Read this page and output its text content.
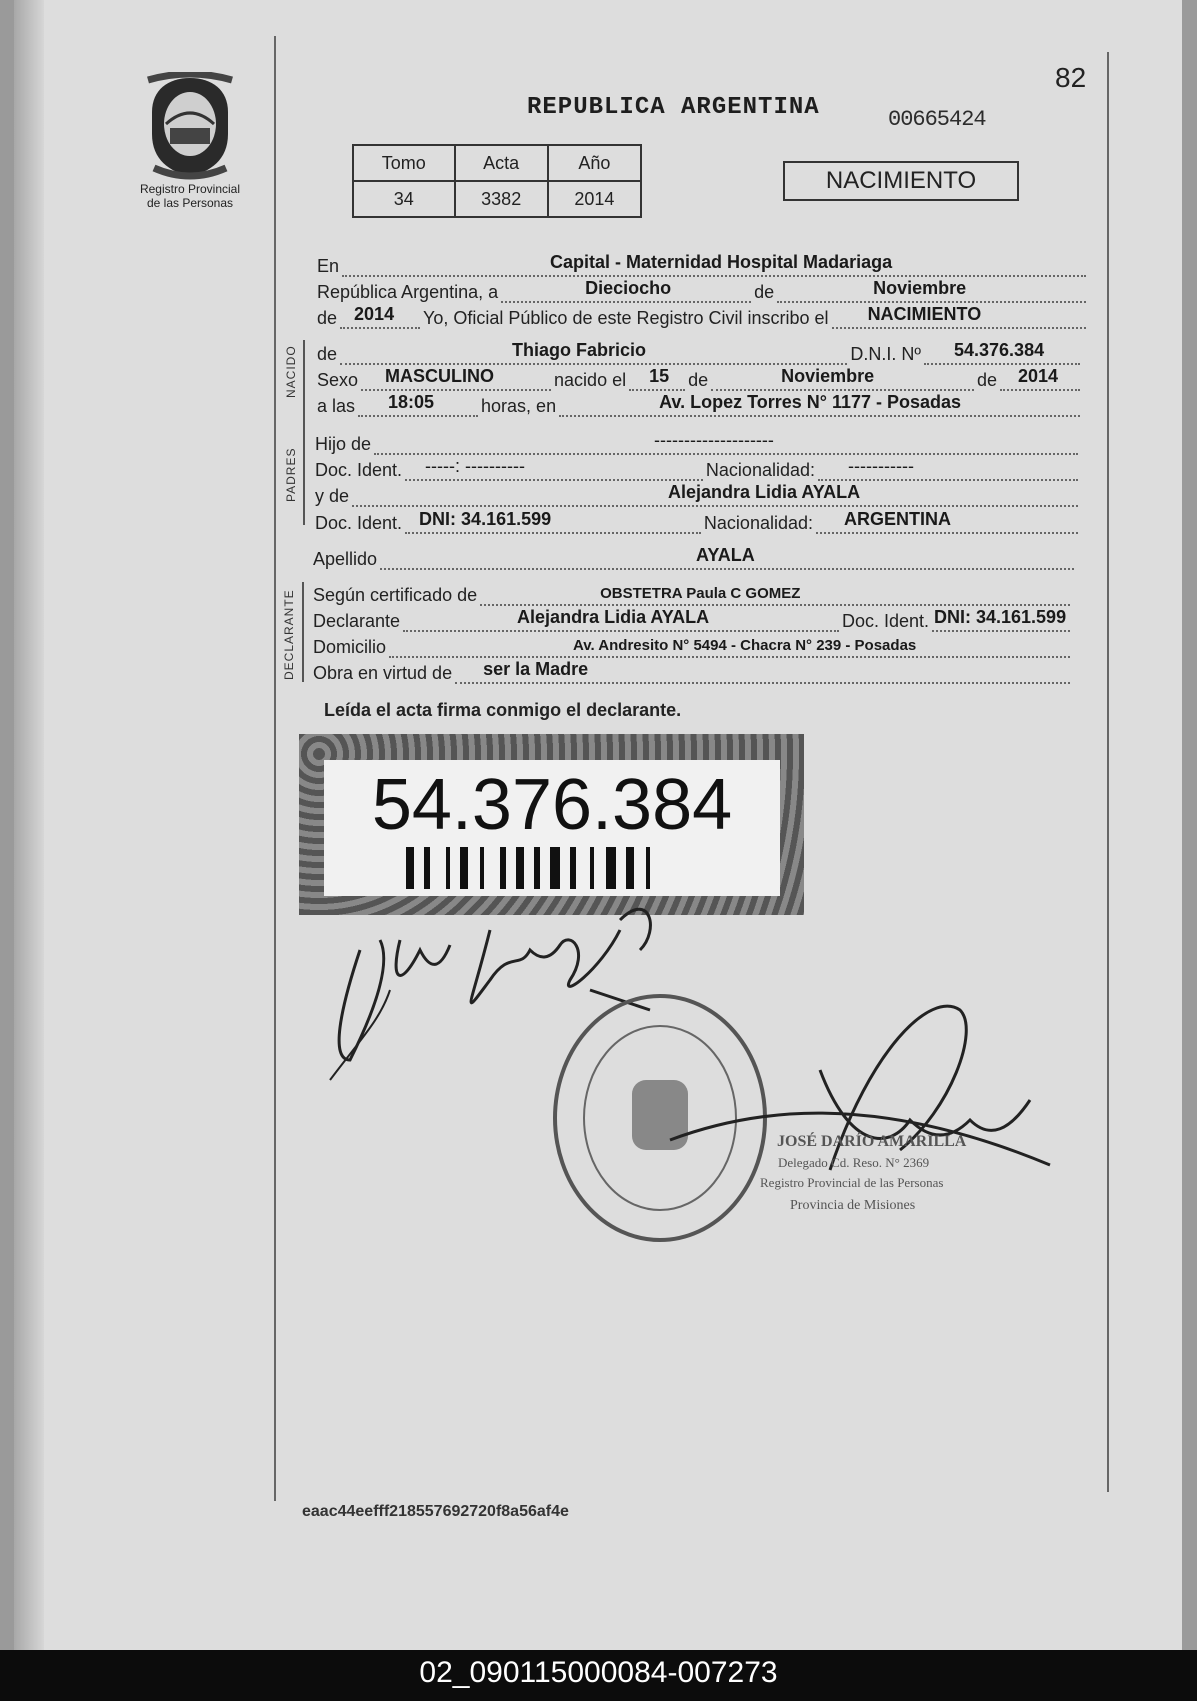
Registro Provincial
de las Personas
82
REPUBLICA ARGENTINA	00665424
Tomo	Acta	Año
34	3382	2014
NACIMIENTO
En	Capital - Maternidad Hospital Madariaga
República Argentina, a	Dieciocho	de	Noviembre
de 2014 Yo, Oficial Público de este Registro Civil inscribo el NACIMIENTO
NACIDO de	Thiago Fabricio	D.N.I. Nº 54.376.384
Sexo MASCULINO	nacido el 15 de	Noviembre	de 2014
a las 18:05	horas, en	Av. Lopez Torres N° 1177 - Posadas
PADRES
Hijo de	--------------------
Doc. Ident. -----: ----------	Nacionalidad: -----------
y de	Alejandra Lidia AYALA
Doc. Ident. DNI: 34.161.599	Nacionalidad: ARGENTINA
Apellido	AYALA
DECLARANTE Según certificado de	OBSTETRA Paula C GOMEZ
Declarante	Alejandra Lidia AYALA	Doc. Ident. DNI: 34.161.599
Domicilio	Av. Andresito N° 5494 - Chacra N° 239 - Posadas
Obra en virtud de ser la Madre
Leída el acta firma conmigo el declarante.
54.376.384
JOSÉ DARÍO AMARILLA
Delegado Cd. Reso. N° 2369
Registro Provincial de las Personas
Provincia de Misiones
eaac44eefff218557692720f8a56af4e
02_090115000084-007273
